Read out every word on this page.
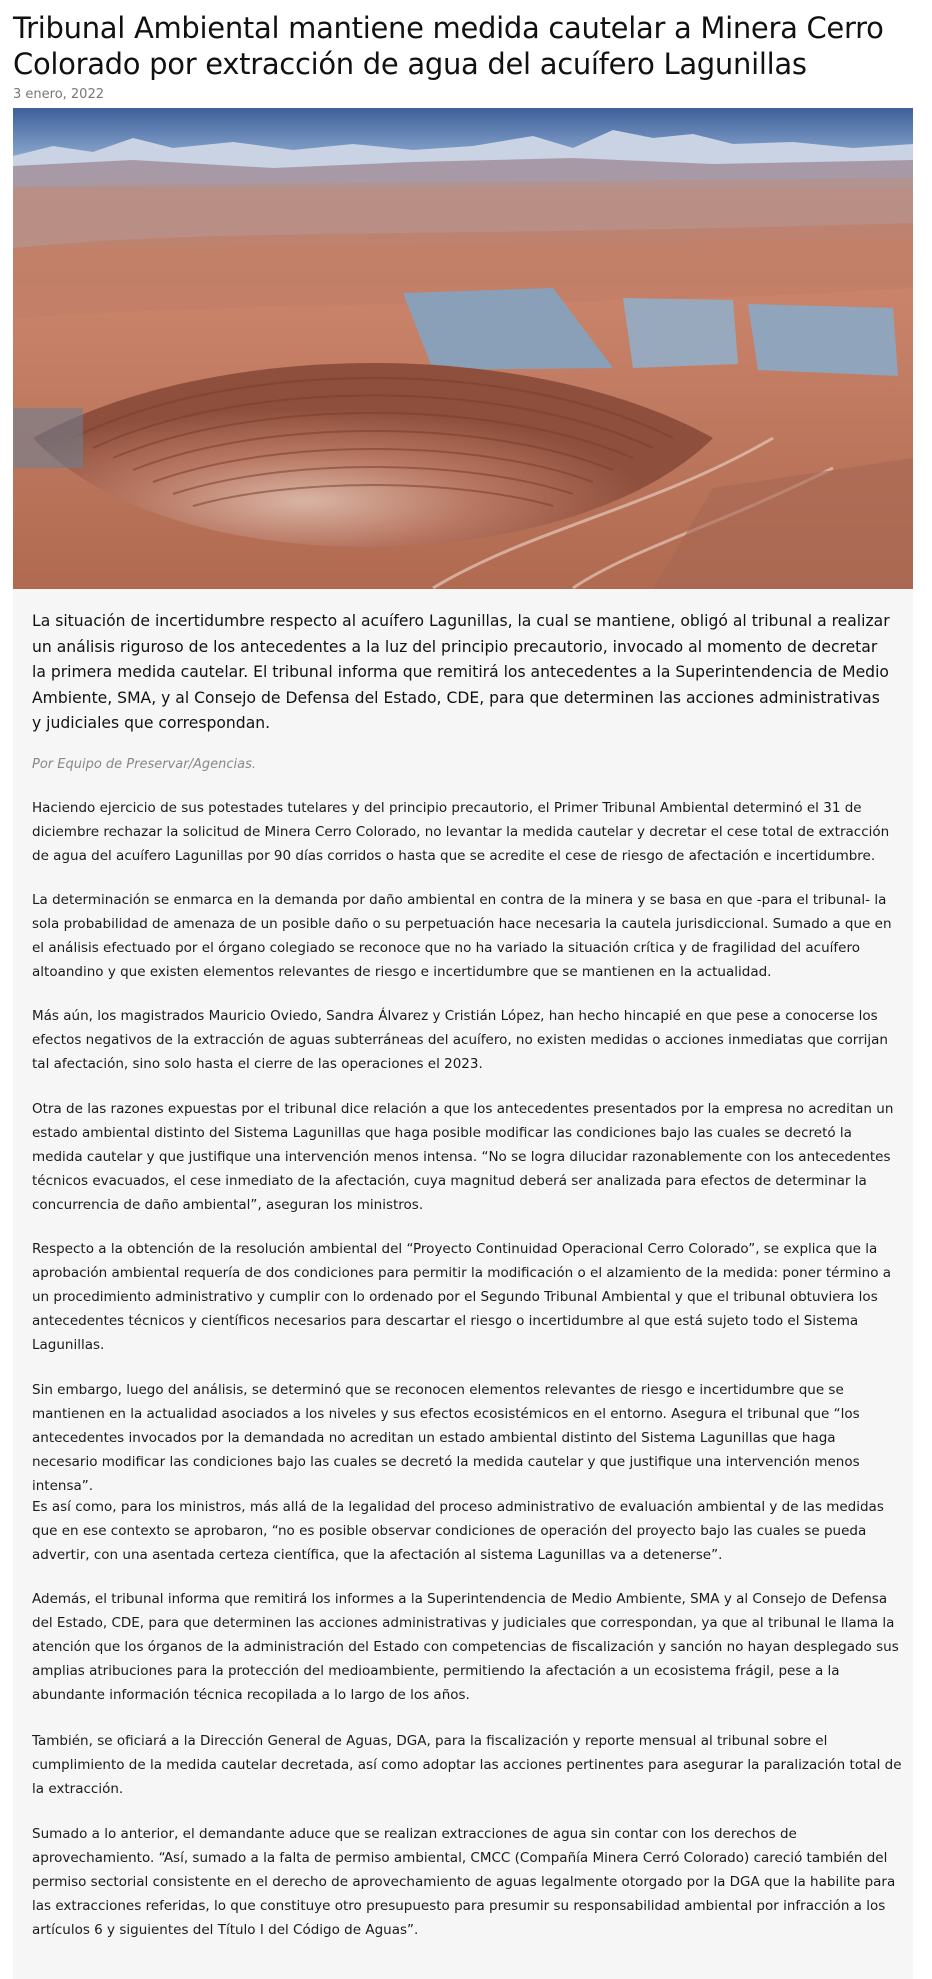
Tribunal Ambiental mantiene medida cautelar a Minera Cerro Colorado por extracción de agua del acuífero Lagunillas
3 enero, 2022

La situación de incertidumbre respecto al acuífero Lagunillas, la cual se mantiene, obligó al tribunal a realizar un análisis riguroso de los antecedentes a la luz del principio precautorio, invocado al momento de decretar la primera medida cautelar. El tribunal informa que remitirá los antecedentes a la Superintendencia de Medio Ambiente, SMA, y al Consejo de Defensa del Estado, CDE, para que determinen las acciones administrativas y judiciales que correspondan.

Por Equipo de Preservar/Agencias.

Haciendo ejercicio de sus potestades tutelares y del principio precautorio, el Primer Tribunal Ambiental determinó el 31 de diciembre rechazar la solicitud de Minera Cerro Colorado, no levantar la medida cautelar y decretar el cese total de extracción de agua del acuífero Lagunillas por 90 días corridos o hasta que se acredite el cese de riesgo de afectación e incertidumbre.

La determinación se enmarca en la demanda por daño ambiental en contra de la minera y se basa en que -para el tribunal- la sola probabilidad de amenaza de un posible daño o su perpetuación hace necesaria la cautela jurisdiccional. Sumado a que en el análisis efectuado por el órgano colegiado se reconoce que no ha variado la situación crítica y de fragilidad del acuífero altoandino y que existen elementos relevantes de riesgo e incertidumbre que se mantienen en la actualidad.

Más aún, los magistrados Mauricio Oviedo, Sandra Álvarez y Cristián López, han hecho hincapié en que pese a conocerse los efectos negativos de la extracción de aguas subterráneas del acuífero, no existen medidas o acciones inmediatas que corrijan tal afectación, sino solo hasta el cierre de las operaciones el 2023.

Otra de las razones expuestas por el tribunal dice relación a que los antecedentes presentados por la empresa no acreditan un estado ambiental distinto del Sistema Lagunillas que haga posible modificar las condiciones bajo las cuales se decretó la medida cautelar y que justifique una intervención menos intensa. “No se logra dilucidar razonablemente con los antecedentes técnicos evacuados, el cese inmediato de la afectación, cuya magnitud deberá ser analizada para efectos de determinar la concurrencia de daño ambiental”, aseguran los ministros.

Respecto a la obtención de la resolución ambiental del “Proyecto Continuidad Operacional Cerro Colorado”, se explica que la aprobación ambiental requería de dos condiciones para permitir la modificación o el alzamiento de la medida: poner término a un procedimiento administrativo y cumplir con lo ordenado por el Segundo Tribunal Ambiental y que el tribunal obtuviera los antecedentes técnicos y científicos necesarios para descartar el riesgo o incertidumbre al que está sujeto todo el Sistema Lagunillas.

Sin embargo, luego del análisis, se determinó que se reconocen elementos relevantes de riesgo e incertidumbre que se mantienen en la actualidad asociados a los niveles y sus efectos ecosistémicos en el entorno. Asegura el tribunal que “los antecedentes invocados por la demandada no acreditan un estado ambiental distinto del Sistema Lagunillas que haga necesario modificar las condiciones bajo las cuales se decretó la medida cautelar y que justifique una intervención menos intensa”.

Es así como, para los ministros, más allá de la legalidad del proceso administrativo de evaluación ambiental y de las medidas que en ese contexto se aprobaron, “no es posible observar condiciones de operación del proyecto bajo las cuales se pueda advertir, con una asentada certeza científica, que la afectación al sistema Lagunillas va a detenerse”.

Además, el tribunal informa que remitirá los informes a la Superintendencia de Medio Ambiente, SMA y al Consejo de Defensa del Estado, CDE, para que determinen las acciones administrativas y judiciales que correspondan, ya que al tribunal le llama la atención que los órganos de la administración del Estado con competencias de fiscalización y sanción no hayan desplegado sus amplias atribuciones para la protección del medioambiente, permitiendo la afectación a un ecosistema frágil, pese a la abundante información técnica recopilada a lo largo de los años.

También, se oficiará a la Dirección General de Aguas, DGA, para la fiscalización y reporte mensual al tribunal sobre el cumplimiento de la medida cautelar decretada, así como adoptar las acciones pertinentes para asegurar la paralización total de la extracción.

Sumado a lo anterior, el demandante aduce que se realizan extracciones de agua sin contar con los derechos de aprovechamiento. “Así, sumado a la falta de permiso ambiental, CMCC (Compañía Minera Cerró Colorado) careció también del permiso sectorial consistente en el derecho de aprovechamiento de aguas legalmente otorgado por la DGA que la habilite para las extracciones referidas, lo que constituye otro presupuesto para presumir su responsabilidad ambiental por infracción a los artículos 6 y siguientes del Título I del Código de Aguas”.
